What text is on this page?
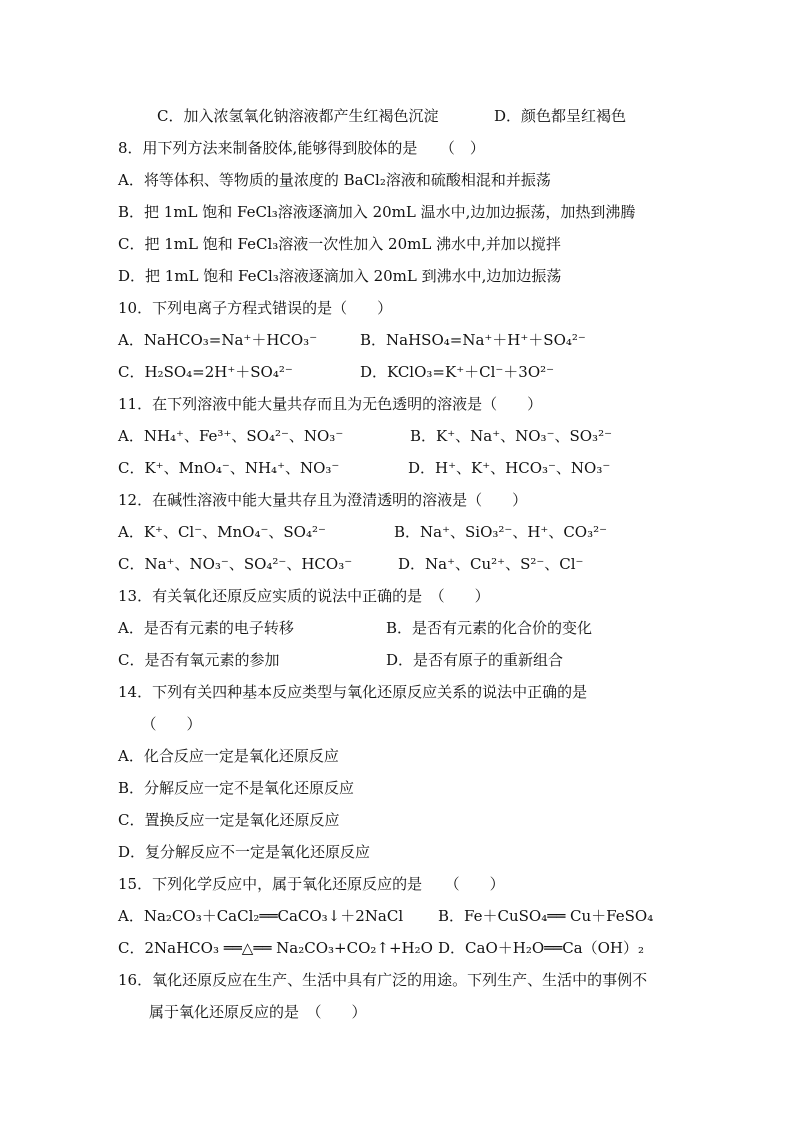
　C．加入浓氢氧化钠溶液都产生红褐色沉淀	D．颜色都呈红褐色
8．用下列方法来制备胶体,能够得到胶体的是　　（　）
A．将等体积、等物质的量浓度的 BaCl₂溶液和硫酸相混和并振荡
B．把 1mL 饱和 FeCl₃溶液逐滴加入 20mL 温水中,边加边振荡，加热到沸腾
C．把 1mL 饱和 FeCl₃溶液一次性加入 20mL 沸水中,并加以搅拌
D．把 1mL 饱和 FeCl₃溶液逐滴加入 20mL 到沸水中,边加边振荡
10．下列电离子方程式错误的是（　　）
A．NaHCO₃=Na⁺＋HCO₃⁻	B．NaHSO₄=Na⁺＋H⁺＋SO₄²⁻
C．H₂SO₄=2H⁺＋SO₄²⁻	D．KClO₃=K⁺＋Cl⁻＋3O²⁻
11．在下列溶液中能大量共存而且为无色透明的溶液是（　　）
A．NH₄⁺、Fe³⁺、SO₄²⁻、NO₃⁻	B．K⁺、Na⁺、NO₃⁻、SO₃²⁻
C．K⁺、MnO₄⁻、NH₄⁺、NO₃⁻	D．H⁺、K⁺、HCO₃⁻、NO₃⁻
12．在碱性溶液中能大量共存且为澄清透明的溶液是（　　）
A．K⁺、Cl⁻、MnO₄⁻、SO₄²⁻	B．Na⁺、SiO₃²⁻、H⁺、CO₃²⁻
C．Na⁺、NO₃⁻、SO₄²⁻、HCO₃⁻	D．Na⁺、Cu²⁺、S²⁻、Cl⁻
13．有关氧化还原反应实质的说法中正确的是　（　　）
A．是否有元素的电子转移	B．是否有元素的化合价的变化
C．是否有氧元素的参加	D．是否有原子的重新组合
14．下列有关四种基本反应类型与氧化还原反应关系的说法中正确的是
　（　　）
A．化合反应一定是氧化还原反应
B．分解反应一定不是氧化还原反应
C．置换反应一定是氧化还原反应
D．复分解反应不一定是氧化还原反应
15．下列化学反应中，属于氧化还原反应的是　　（　　）
A．Na₂CO₃＋CaCl₂══CaCO₃↓＋2NaCl B．Fe＋CuSO₄══ Cu＋FeSO₄
C．2NaHCO₃ ══△══ Na₂CO₃+CO₂↑+H₂O D．CaO＋H₂O══Ca（OH）₂
16．氧化还原反应在生产、生活中具有广泛的用途。下列生产、生活中的事例不
　属于氧化还原反应的是　（　　）
